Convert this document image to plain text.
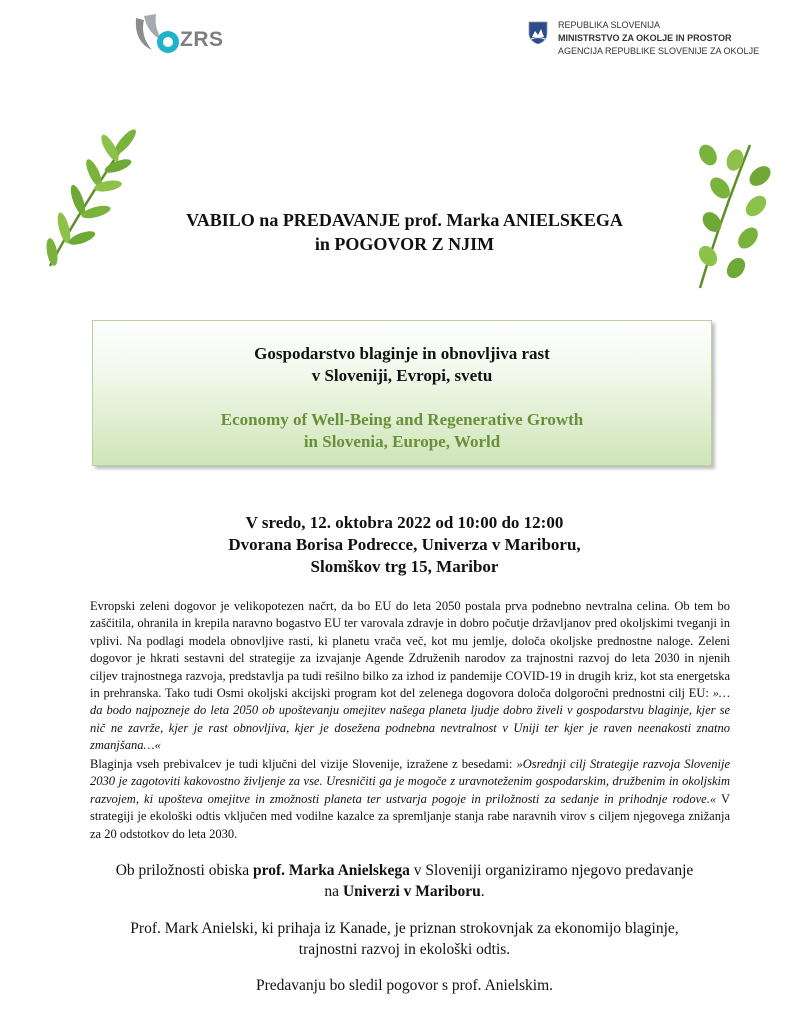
ZRS
REPUBLIKA SLOVENIJA
MINISTRSTVO ZA OKOLJE IN PROSTOR
AGENCIJA REPUBLIKE SLOVENIJE ZA OKOLJE
VABILO na PREDAVANJE prof. Marka ANIELSKEGA
in POGOVOR Z NJIM
Gospodarstvo blaginje in obnovljiva rast
v Sloveniji, Evropi, svetu
Economy of Well-Being and Regenerative Growth
in Slovenia, Europe, World
V sredo, 12. oktobra 2022 od 10:00 do 12:00
Dvorana Borisa Podrecce, Univerza v Mariboru,
Slomškov trg 15, Maribor
Evropski zeleni dogovor je velikopotezen načrt, da bo EU do leta 2050 postala prva podnebno nevtralna celina. Ob tem bo zaščitila, ohranila in krepila naravno bogastvo EU ter varovala zdravje in dobro počutje državljanov pred okoljskimi tveganji in vplivi. Na podlagi modela obnovljive rasti, ki planetu vrača več, kot mu jemlje, določa okoljske prednostne naloge. Zeleni dogovor je hkrati sestavni del strategije za izvajanje Agende Združenih narodov za trajnostni razvoj do leta 2030 in njenih ciljev trajnostnega razvoja, predstavlja pa tudi rešilno bilko za izhod iz pandemije COVID-19 in drugih kriz, kot sta energetska in prehranska. Tako tudi Osmi okoljski akcijski program kot del zelenega dogovora določa dolgoročni prednostni cilj EU: »… da bodo najpozneje do leta 2050 ob upoštevanju omejitev našega planeta ljudje dobro živeli v gospodarstvu blaginje, kjer se nič ne zavrže, kjer je rast obnovljiva, kjer je dosežena podnebna nevtralnost v Uniji ter kjer je raven neenakosti znatno zmanjšana…«
Blaginja vseh prebivalcev je tudi ključni del vizije Slovenije, izražene z besedami: »Osrednji cilj Strategije razvoja Slovenije 2030 je zagotoviti kakovostno življenje za vse. Uresničiti ga je mogoče z uravnoteženim gospodarskim, družbenim in okoljskim razvojem, ki upošteva omejitve in zmožnosti planeta ter ustvarja pogoje in priložnosti za sedanje in prihodnje rodove.« V strategiji je ekološki odtis vključen med vodilne kazalce za spremljanje stanja rabe naravnih virov s ciljem njegovega znižanja za 20 odstotkov do leta 2030.
Ob priložnosti obiska prof. Marka Anielskega v Sloveniji organiziramo njegovo predavanje
na Univerzi v Mariboru.
Prof. Mark Anielski, ki prihaja iz Kanade, je priznan strokovnjak za ekonomijo blaginje,
trajnostni razvoj in ekološki odtis.
Predavanju bo sledil pogovor s prof. Anielskim.
